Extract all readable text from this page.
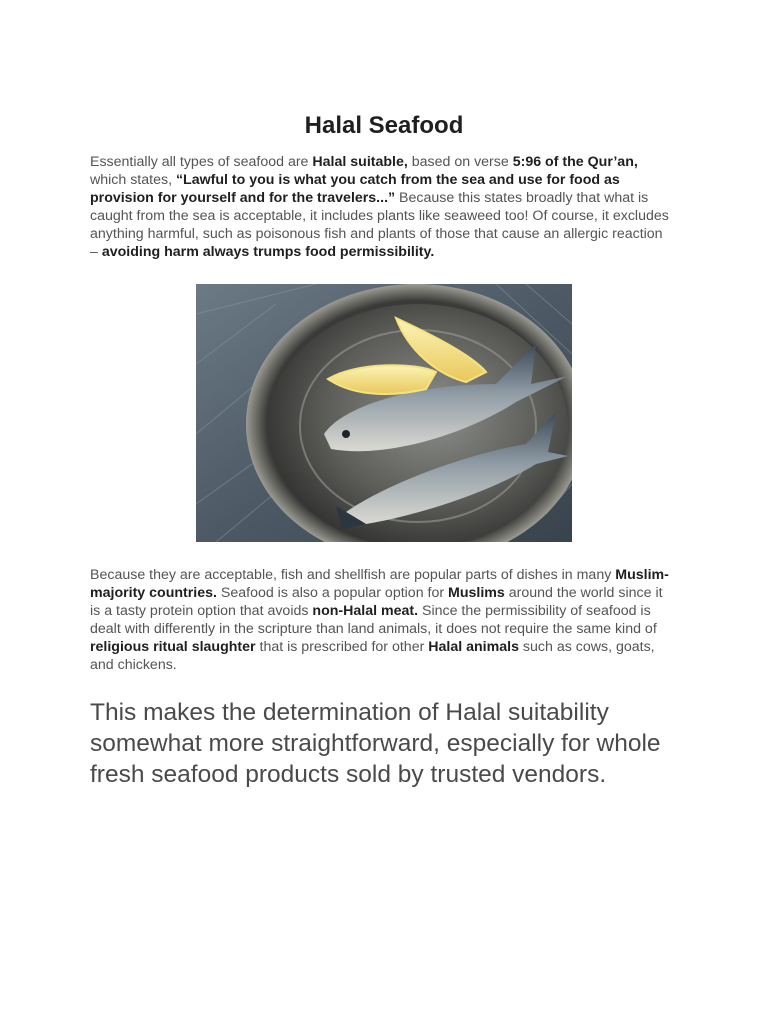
Halal Seafood

Essentially all types of seafood are Halal suitable, based on verse 5:96 of the Qur’an, which states, “Lawful to you is what you catch from the sea and use for food as provision for yourself and for the travelers...” Because this states broadly that what is caught from the sea is acceptable, it includes plants like seaweed too! Of course, it excludes anything harmful, such as poisonous fish and plants of those that cause an allergic reaction – avoiding harm always trumps food permissibility.

Because they are acceptable, fish and shellfish are popular parts of dishes in many Muslim-majority countries. Seafood is also a popular option for Muslims around the world since it is a tasty protein option that avoids non-Halal meat. Since the permissibility of seafood is dealt with differently in the scripture than land animals, it does not require the same kind of religious ritual slaughter that is prescribed for other Halal animals such as cows, goats, and chickens.

This makes the determination of Halal suitability somewhat more straightforward, especially for whole fresh seafood products sold by trusted vendors.
